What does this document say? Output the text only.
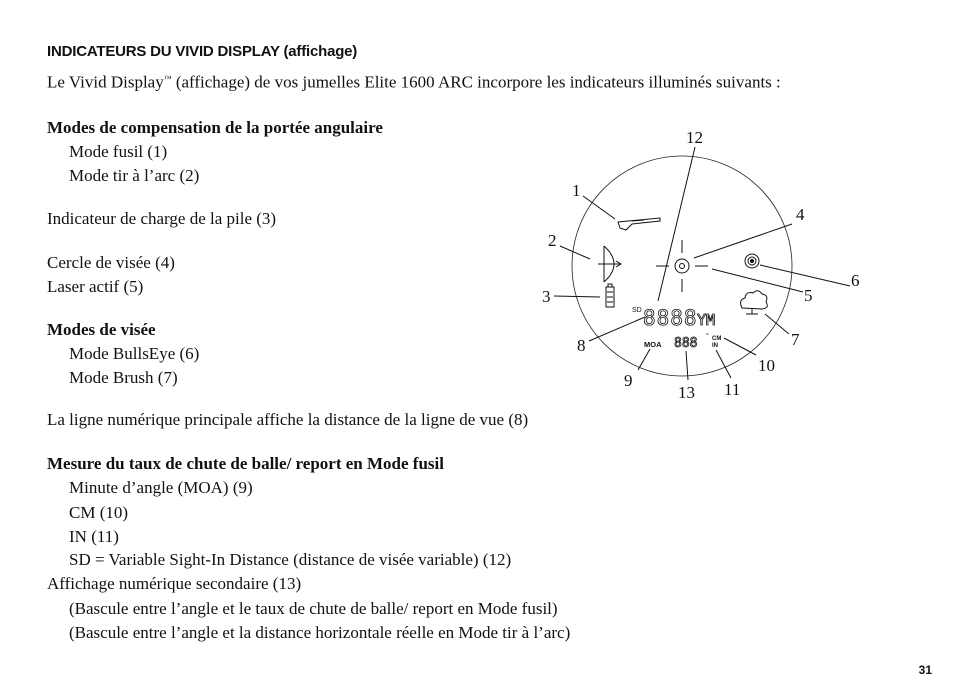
INDICATEURS DU VIVID DISPLAY (affichage)
Le Vivid Display™ (affichage) de vos jumelles Elite 1600 ARC incorpore les indicateurs illuminés suivants :
Modes de compensation de la portée angulaire
Mode fusil (1)
Mode tir à l’arc (2)
Indicateur de charge de la pile (3)
Cercle de visée (4)
Laser actif (5)
Modes de visée
Mode BullsEye (6)
Mode Brush (7)
La ligne numérique principale affiche la distance de la ligne de vue (8)
Mesure du taux de chute de balle/ report en Mode fusil
Minute d’angle (MOA) (9)
CM (10)
IN (11)
SD = Variable Sight-In Distance (distance de visée variable) (12)
Affichage numérique secondaire (13)
(Bascule entre l’angle et le taux de chute de balle/ report en Mode fusil)
(Bascule entre l’angle et la distance horizontale réelle en Mode tir à l’arc)
SD 8888 YM
MOA 888 ° CM
IN
1
2
3
4
5
6
7
8
9
10
11
12
13
31
